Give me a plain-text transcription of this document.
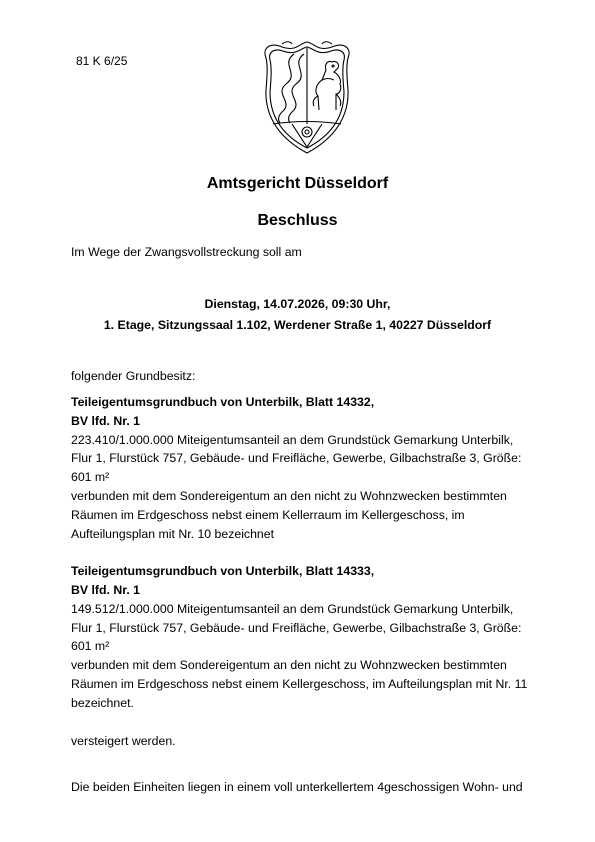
81 K 6/25
Amtsgericht Düsseldorf
Beschluss
Im Wege der Zwangsvollstreckung soll am
Dienstag, 14.07.2026, 09:30 Uhr,
1. Etage, Sitzungssaal 1.102, Werdener Straße 1, 40227 Düsseldorf
folgender Grundbesitz:
Teileigentumsgrundbuch von Unterbilk, Blatt 14332,
BV lfd. Nr. 1
223.410/1.000.000 Miteigentumsanteil an dem Grundstück Gemarkung Unterbilk,
Flur 1, Flurstück 757, Gebäude- und Freifläche, Gewerbe, Gilbachstraße 3, Größe:
601 m²
verbunden mit dem Sondereigentum an den nicht zu Wohnzwecken bestimmten
Räumen im Erdgeschoss nebst einem Kellerraum im Kellergeschoss, im
Aufteilungsplan mit Nr. 10 bezeichnet
Teileigentumsgrundbuch von Unterbilk, Blatt 14333,
BV lfd. Nr. 1
149.512/1.000.000 Miteigentumsanteil an dem Grundstück Gemarkung Unterbilk,
Flur 1, Flurstück 757, Gebäude- und Freifläche, Gewerbe, Gilbachstraße 3, Größe:
601 m²
verbunden mit dem Sondereigentum an den nicht zu Wohnzwecken bestimmten
Räumen im Erdgeschoss nebst einem Kellergeschoss, im Aufteilungsplan mit Nr. 11
bezeichnet.
versteigert werden.
Die beiden Einheiten liegen in einem voll unterkellertem 4geschossigen Wohn- und
